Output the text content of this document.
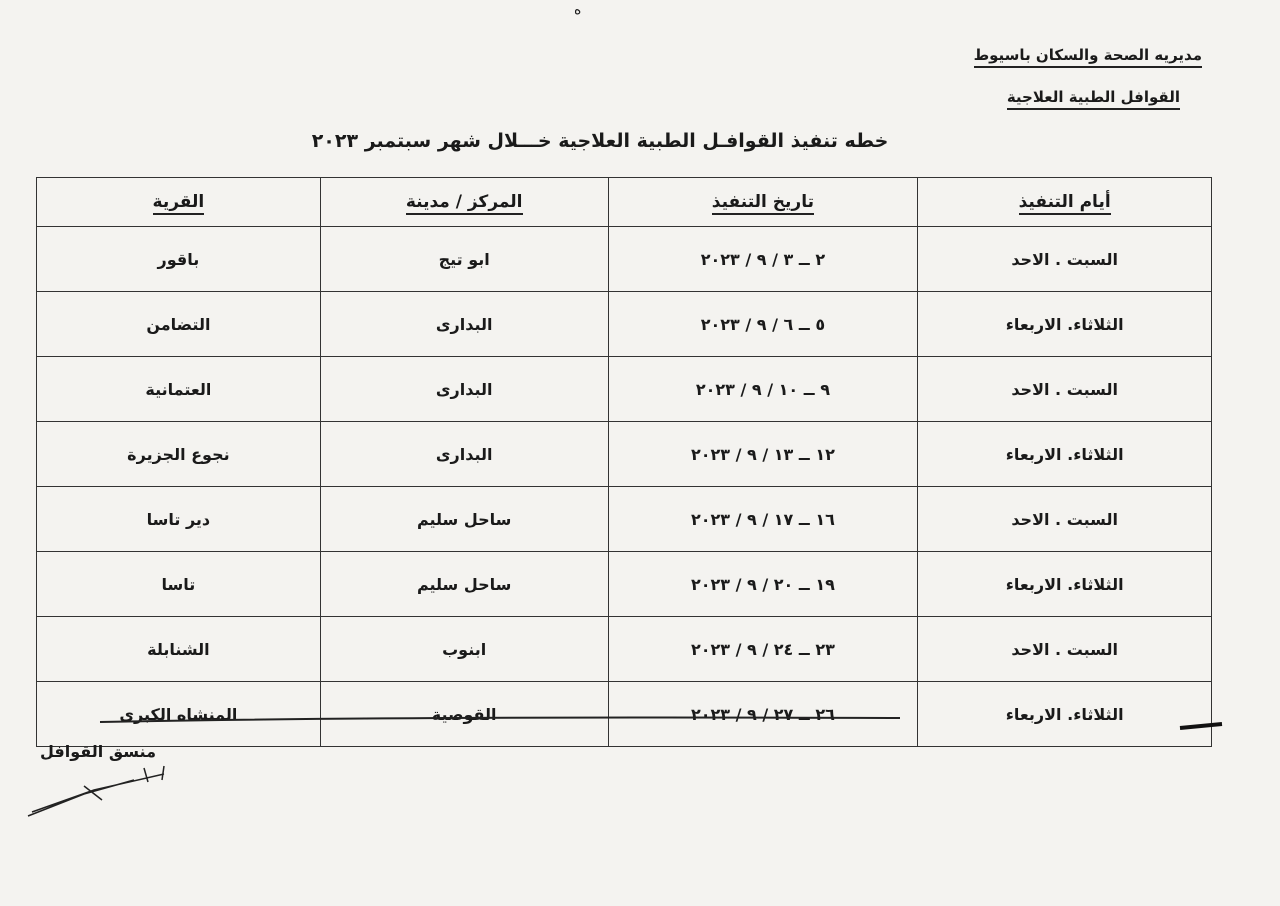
ه
مديريه الصحة والسكان باسيوط
القوافل الطبية العلاجية
خطه تنفيذ القوافـل الطبية العلاجية خـــلال شهر سبتمبر ٢٠٢٣
أيام التنفيذ	تاريخ التنفيذ	المركز / مدينة	القرية
السبت . الاحد	٢ ــ ٣ / ٩ / ٢٠٢٣	ابو تيج	باقور
الثلاثاء. الاربعاء	٥ ــ ٦ / ٩ / ٢٠٢٣	البدارى	التضامن
السبت . الاحد	٩ ــ ١٠ / ٩ / ٢٠٢٣	البدارى	العتمانية
الثلاثاء. الاربعاء	١٢ ــ ١٣ / ٩ / ٢٠٢٣	البدارى	نجوع الجزيرة
السبت . الاحد	١٦ ــ ١٧ / ٩ / ٢٠٢٣	ساحل سليم	دير تاسا
الثلاثاء. الاربعاء	١٩ ــ ٢٠ / ٩ / ٢٠٢٣	ساحل سليم	تاسا
السبت . الاحد	٢٣ ــ ٢٤ / ٩ / ٢٠٢٣	ابنوب	الشنابلة
الثلاثاء. الاربعاء	٢٦ ــ ٢٧ / ٩ / ٢٠٢٣	القوصية	المنشاه الكبرى
منسق القوافل
